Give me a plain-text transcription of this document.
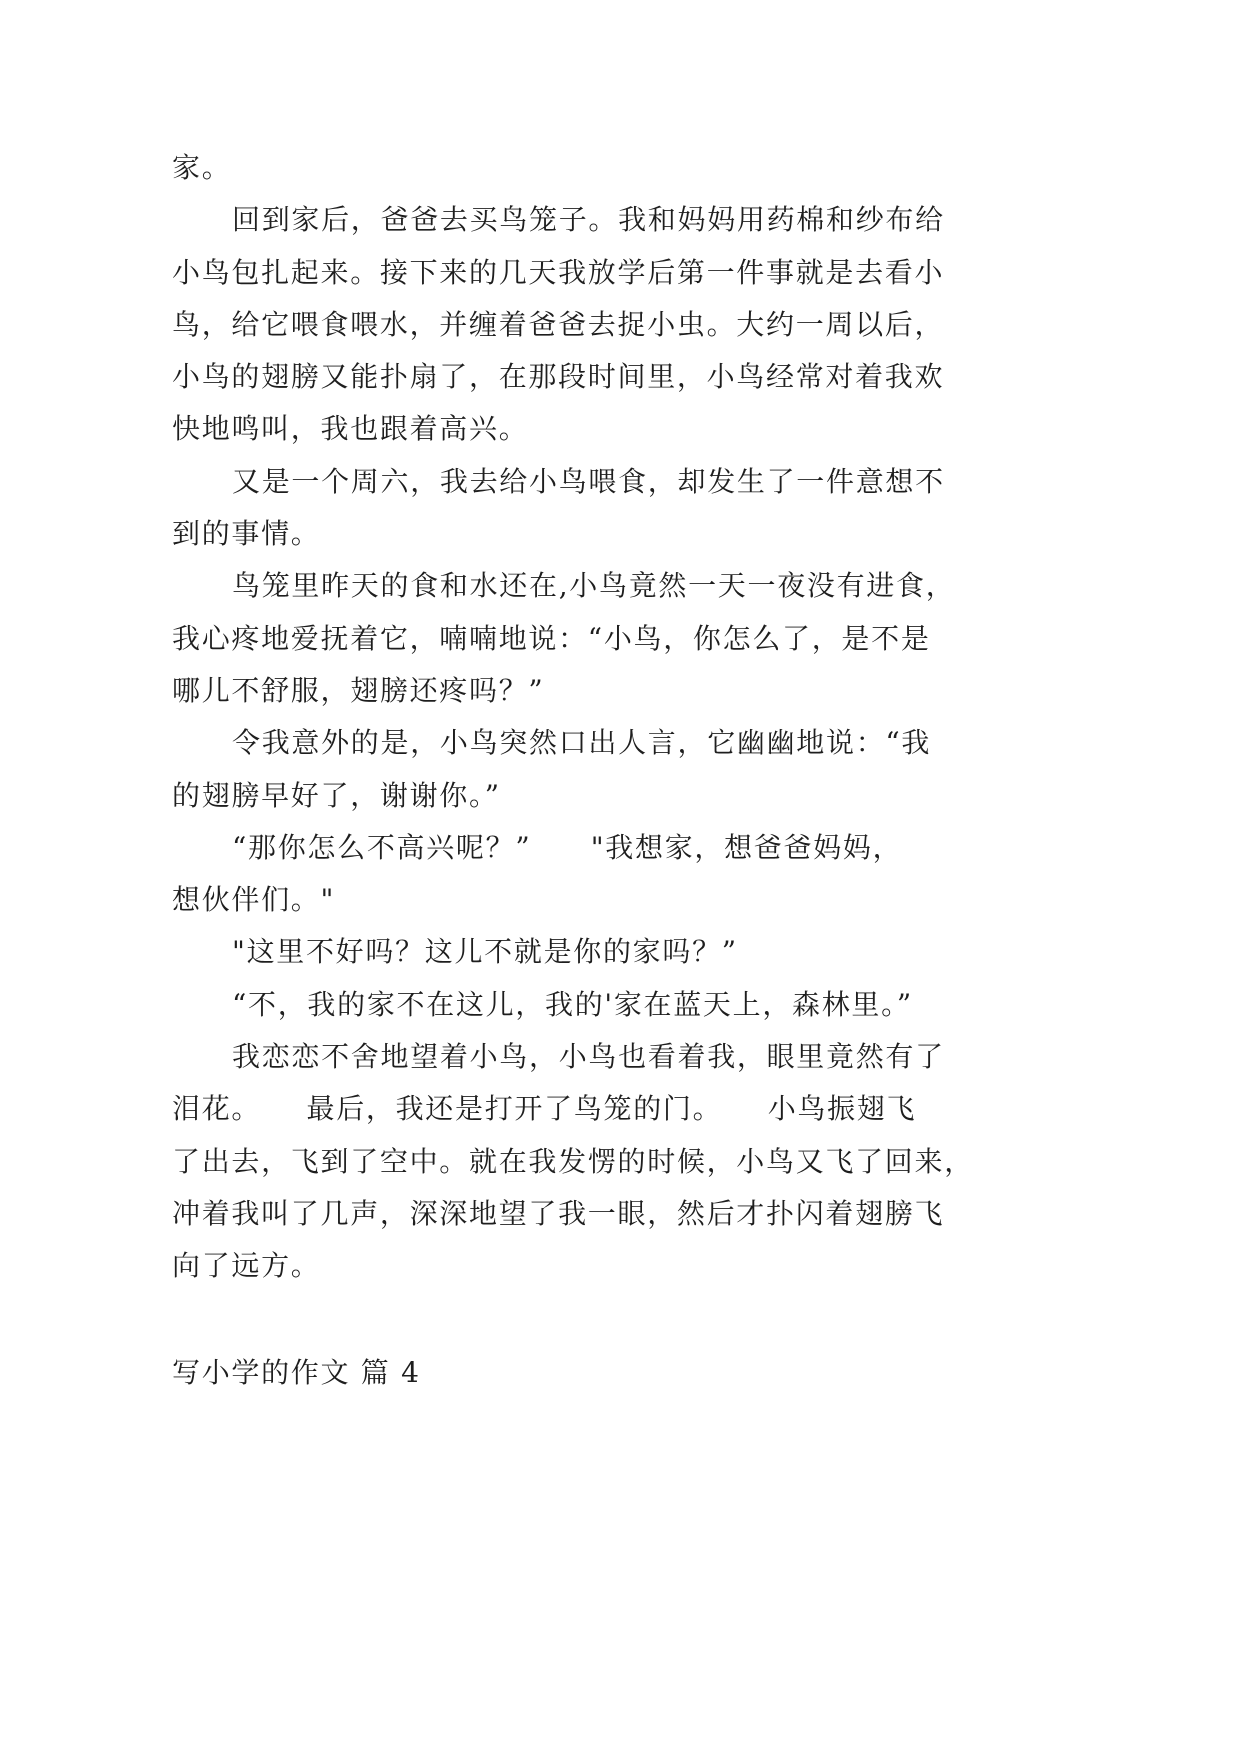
家。
回到家后，爸爸去买鸟笼子。我和妈妈用药棉和纱布给
小鸟包扎起来。接下来的几天我放学后第一件事就是去看小
鸟，给它喂食喂水，并缠着爸爸去捉小虫。大约一周以后，
小鸟的翅膀又能扑扇了，在那段时间里，小鸟经常对着我欢
快地鸣叫，我也跟着高兴。
又是一个周六，我去给小鸟喂食，却发生了一件意想不
到的事情。
鸟笼里昨天的食和水还在,小鸟竟然一天一夜没有进食，
我心疼地爱抚着它，喃喃地说：“小鸟，你怎么了，是不是
哪儿不舒服，翅膀还疼吗？”
令我意外的是，小鸟突然口出人言，它幽幽地说：“我
的翅膀早好了，谢谢你。”
“那你怎么不高兴呢？”　　"我想家，想爸爸妈妈，
想伙伴们。"
"这里不好吗？这儿不就是你的家吗？”
“不，我的家不在这儿，我的'家在蓝天上，森林里。”
我恋恋不舍地望着小鸟，小鸟也看着我，眼里竟然有了
泪花。　　最后，我还是打开了鸟笼的门。　　小鸟振翅飞
了出去，飞到了空中。就在我发愣的时候，小鸟又飞了回来，
冲着我叫了几声，深深地望了我一眼，然后才扑闪着翅膀飞
向了远方。
写小学的作文 篇 4
